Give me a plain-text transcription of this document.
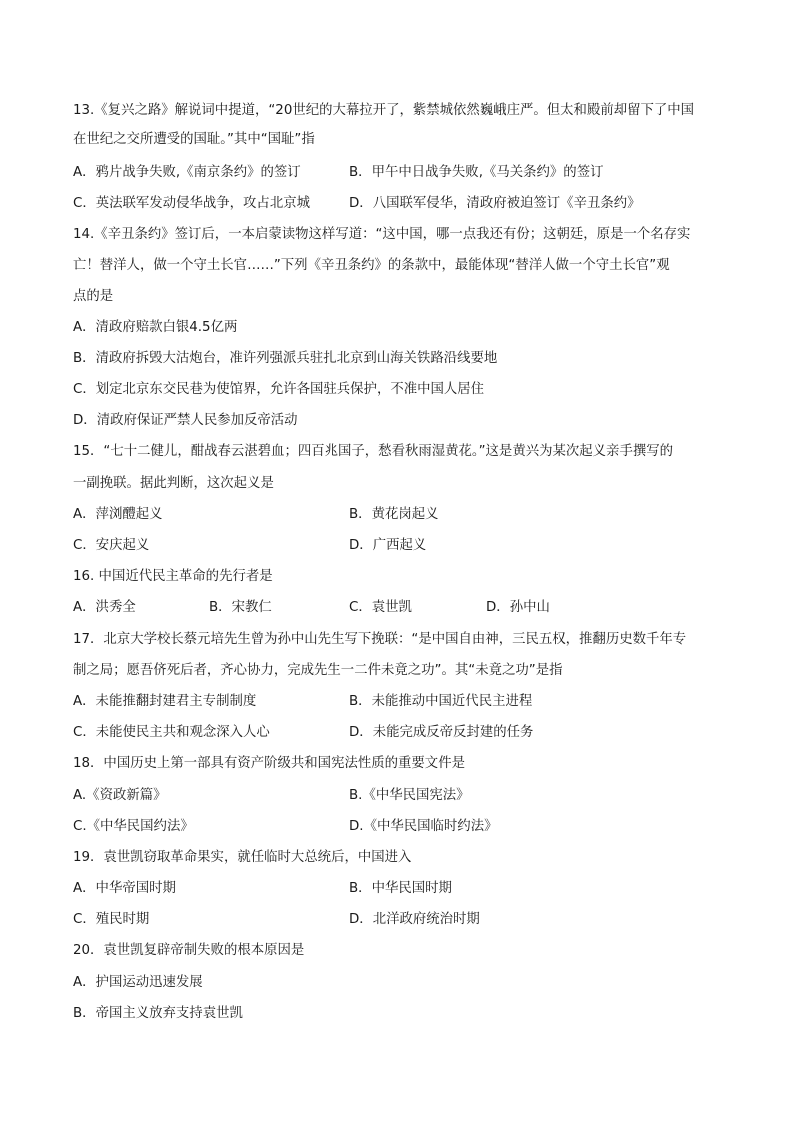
13.《复兴之路》解说词中提道，“20世纪的大幕拉开了，紫禁城依然巍峨庄严。但太和殿前却留下了中国
在世纪之交所遭受的国耻。”其中“国耻”指
A．鸦片战争失败,《南京条约》的签订	B．甲午中日战争失败,《马关条约》的签订
C．英法联军发动侵华战争，攻占北京城	D．八国联军侵华，清政府被迫签订《辛丑条约》
14.《辛丑条约》签订后，一本启蒙读物这样写道：“这中国，哪一点我还有份；这朝廷，原是一个名存实
亡！替洋人，做一个守土长官……”下列《辛丑条约》的条款中，最能体现“替洋人做一个守土长官”观
点的是
A．清政府赔款白银4.5亿两
B．清政府拆毁大沽炮台，准许列强派兵驻扎北京到山海关铁路沿线要地
C．划定北京东交民巷为使馆界，允许各国驻兵保护，不准中国人居住
D．清政府保证严禁人民参加反帝活动
15．“七十二健儿，酣战春云湛碧血；四百兆国子，愁看秋雨湿黄花。”这是黄兴为某次起义亲手撰写的
一副挽联。据此判断，这次起义是
A．萍浏醴起义	B．黄花岗起义
C．安庆起义	D．广西起义
16. 中国近代民主革命的先行者是
A．洪秀全	B．宋教仁	C．袁世凯	D．孙中山
17．北京大学校长蔡元培先生曾为孙中山先生写下挽联：“是中国自由神，三民五权，推翻历史数千年专
制之局；愿吾侪死后者，齐心协力，完成先生一二件未竟之功”。其“未竟之功”是指
A．未能推翻封建君主专制制度	B．未能推动中国近代民主进程
C．未能使民主共和观念深入人心	D．未能完成反帝反封建的任务
18．中国历史上第一部具有资产阶级共和国宪法性质的重要文件是
A.《资政新篇》	B.《中华民国宪法》
C.《中华民国约法》	D.《中华民国临时约法》
19．袁世凯窃取革命果实，就任临时大总统后，中国进入
A．中华帝国时期	B．中华民国时期
C．殖民时期	D．北洋政府统治时期
20．袁世凯复辟帝制失败的根本原因是
A．护国运动迅速发展
B．帝国主义放弃支持袁世凯
